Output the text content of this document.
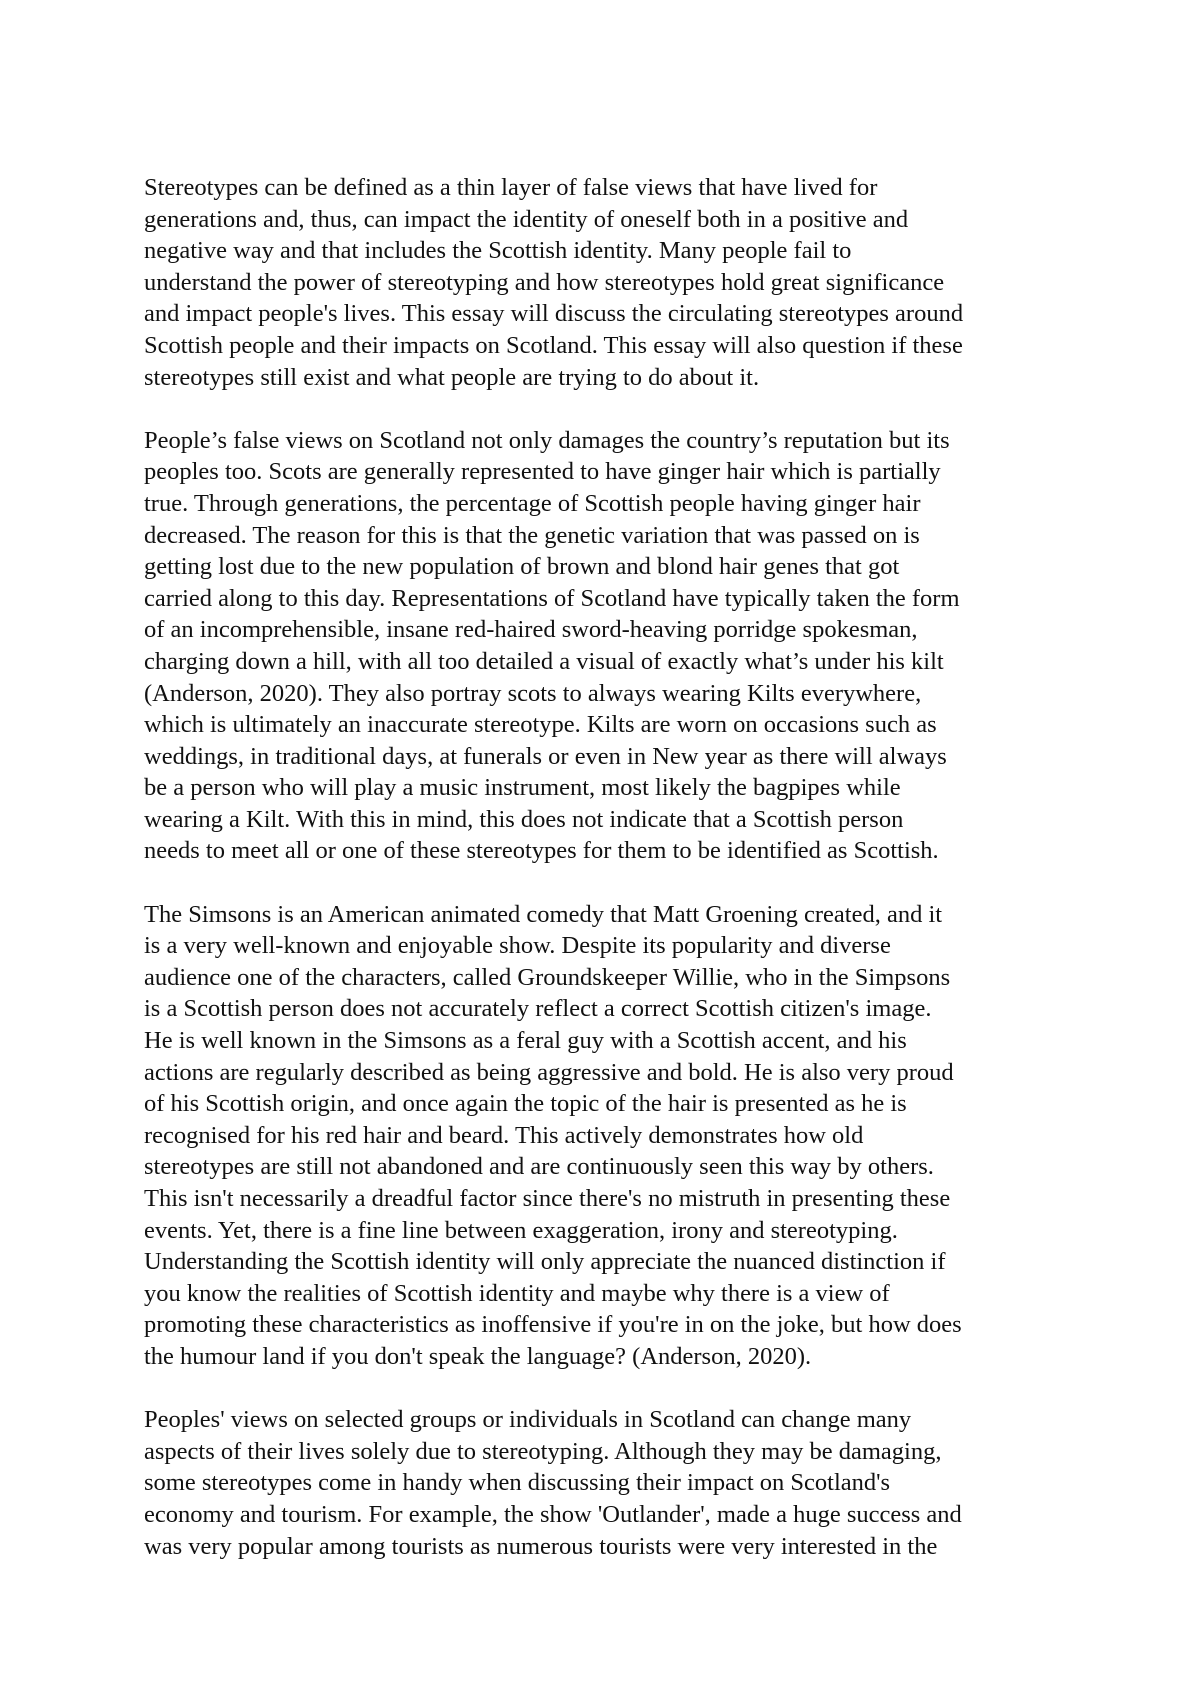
Stereotypes can be defined as a thin layer of false views that have lived for
generations and, thus, can impact the identity of oneself both in a positive and
negative way and that includes the Scottish identity. Many people fail to
understand the power of stereotyping and how stereotypes hold great significance
and impact people's lives. This essay will discuss the circulating stereotypes around
Scottish people and their impacts on Scotland. This essay will also question if these
stereotypes still exist and what people are trying to do about it.

People’s false views on Scotland not only damages the country’s reputation but its
peoples too. Scots are generally represented to have ginger hair which is partially
true. Through generations, the percentage of Scottish people having ginger hair
decreased. The reason for this is that the genetic variation that was passed on is
getting lost due to the new population of brown and blond hair genes that got
carried along to this day. Representations of Scotland have typically taken the form
of an incomprehensible, insane red-haired sword-heaving porridge spokesman,
charging down a hill, with all too detailed a visual of exactly what’s under his kilt
(Anderson, 2020). They also portray scots to always wearing Kilts everywhere,
which is ultimately an inaccurate stereotype. Kilts are worn on occasions such as
weddings, in traditional days, at funerals or even in New year as there will always
be a person who will play a music instrument, most likely the bagpipes while
wearing a Kilt. With this in mind, this does not indicate that a Scottish person
needs to meet all or one of these stereotypes for them to be identified as Scottish.

The Simsons is an American animated comedy that Matt Groening created, and it
is a very well-known and enjoyable show. Despite its popularity and diverse
audience one of the characters, called Groundskeeper Willie, who in the Simpsons
is a Scottish person does not accurately reflect a correct Scottish citizen's image.
He is well known in the Simsons as a feral guy with a Scottish accent, and his
actions are regularly described as being aggressive and bold. He is also very proud
of his Scottish origin, and once again the topic of the hair is presented as he is
recognised for his red hair and beard. This actively demonstrates how old
stereotypes are still not abandoned and are continuously seen this way by others.
This isn't necessarily a dreadful factor since there's no mistruth in presenting these
events. Yet, there is a fine line between exaggeration, irony and stereotyping.
Understanding the Scottish identity will only appreciate the nuanced distinction if
you know the realities of Scottish identity and maybe why there is a view of
promoting these characteristics as inoffensive if you're in on the joke, but how does
the humour land if you don't speak the language? (Anderson, 2020).

Peoples' views on selected groups or individuals in Scotland can change many
aspects of their lives solely due to stereotyping. Although they may be damaging,
some stereotypes come in handy when discussing their impact on Scotland's
economy and tourism. For example, the show 'Outlander', made a huge success and
was very popular among tourists as numerous tourists were very interested in the
